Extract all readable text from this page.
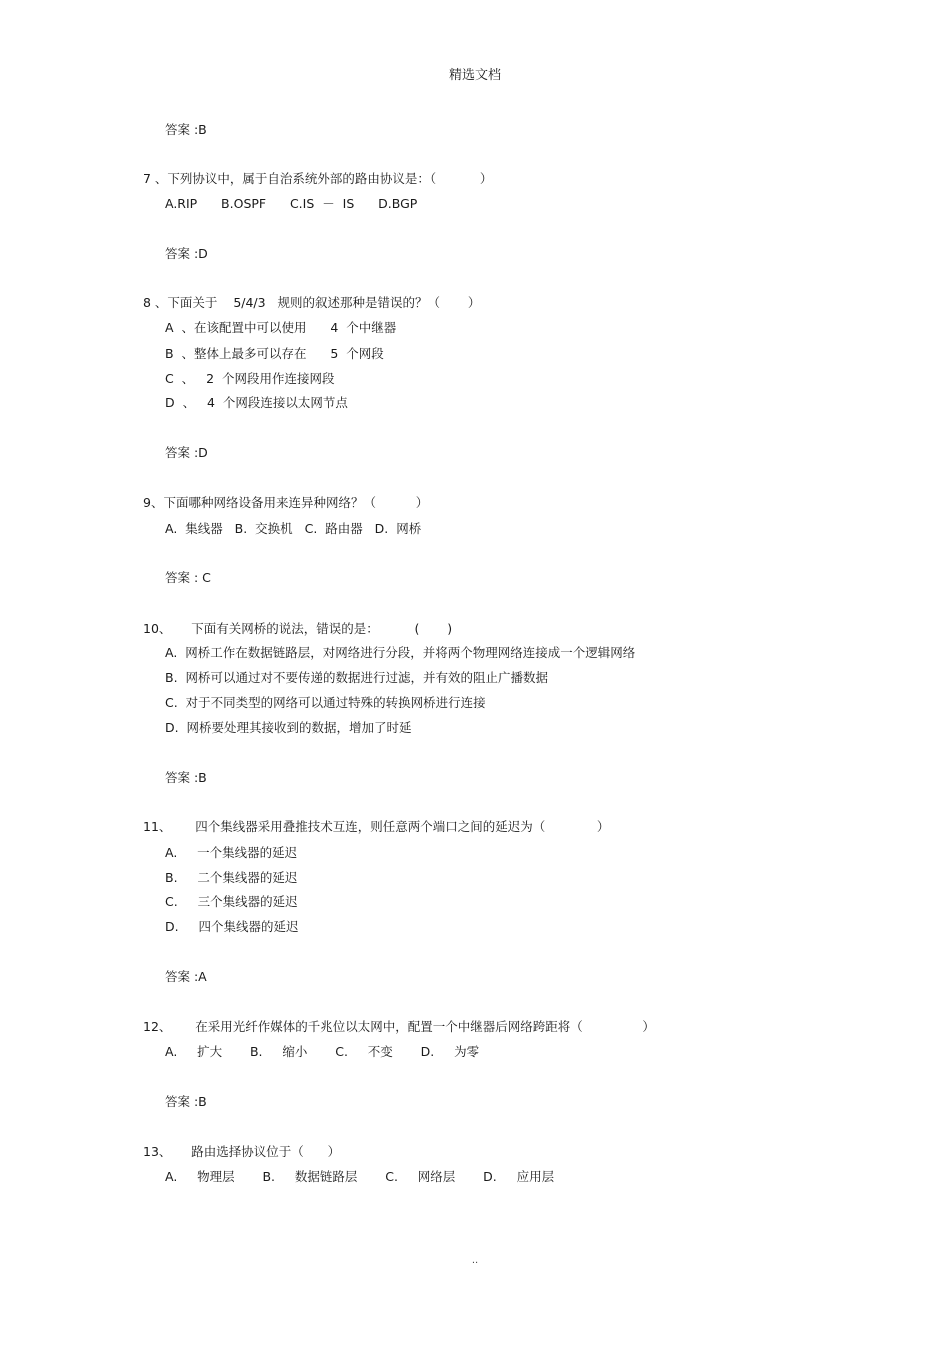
精选文档
答案 :B
7 、下列协议中，属于自治系统外部的路由协议是：（           ）
A.RIP      B.OSPF      C.IS  －  IS      D.BGP
答案 :D
8 、下面关于    5/4/3   规则的叙述那种是错误的？（       ）
A  、在该配置中可以使用      4  个中继器
B  、整体上最多可以存在      5  个网段
C  、   2  个网段用作连接网段
D  、   4  个网段连接以太网节点
答案 :D
9、下面哪种网络设备用来连异种网络？（          ）
A.  集线器   B.  交换机   C.  路由器   D.  网桥
答案 : C
10、     下面有关网桥的说法，错误的是：         (       )
A.  网桥工作在数据链路层，对网络进行分段，并将两个物理网络连接成一个逻辑网络
B.  网桥可以通过对不要传递的数据进行过滤，并有效的阻止广播数据
C.  对于不同类型的网络可以通过特殊的转换网桥进行连接
D.  网桥要处理其接收到的数据，增加了时延
答案 :B
11、      四个集线器采用叠推技术互连，则任意两个端口之间的延迟为（             ）
A.     一个集线器的延迟
B.     二个集线器的延迟
C.     三个集线器的延迟
D.     四个集线器的延迟
答案 :A
12、      在采用光纤作媒体的千兆位以太网中，配置一个中继器后网络跨距将（               ）
A.     扩大       B.     缩小       C.     不变       D.     为零
答案 :B
13、     路由选择协议位于（      ）
A.     物理层       B.     数据链路层       C.     网络层       D.     应用层
..
